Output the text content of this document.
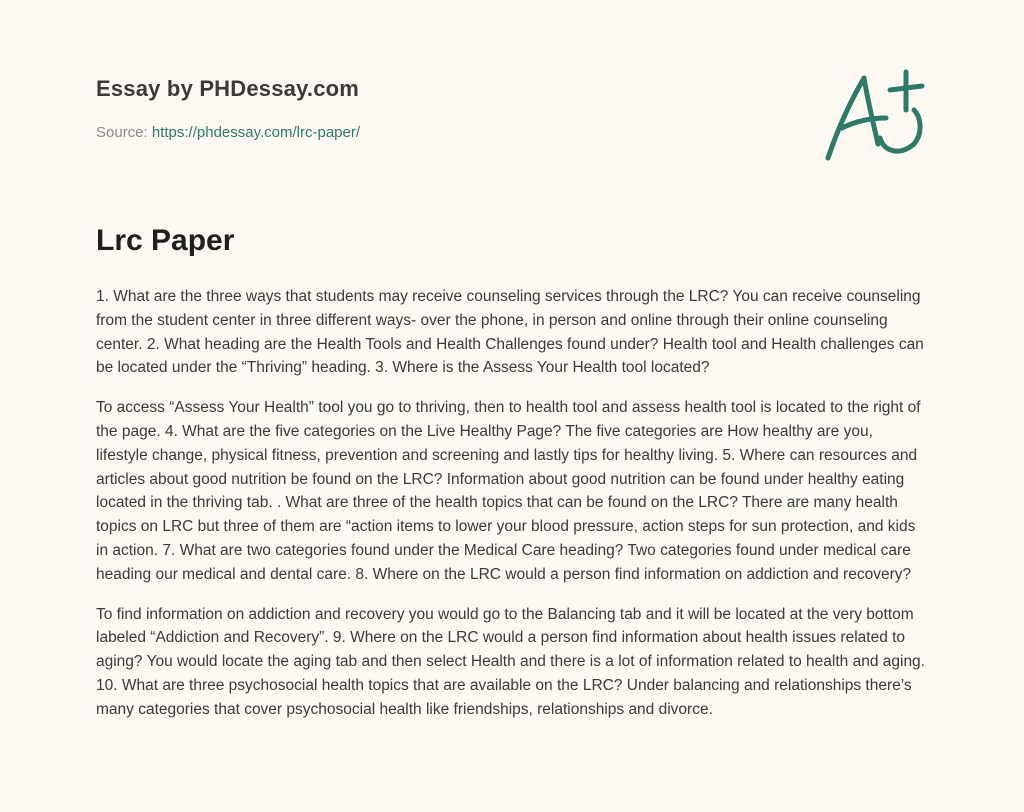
Essay by PHDessay.com
Source: https://phdessay.com/lrc-paper/
Lrc Paper

1. What are the three ways that students may receive counseling services through the LRC? You can receive counseling from the student center in three different ways- over the phone, in person and online through their online counseling center. 2. What heading are the Health Tools and Health Challenges found under? Health tool and Health challenges can be located under the “Thriving” heading. 3. Where is the Assess Your Health tool located?

To access “Assess Your Health” tool you go to thriving, then to health tool and assess health tool is located to the right of the page. 4. What are the five categories on the Live Healthy Page? The five categories are How healthy are you, lifestyle change, physical fitness, prevention and screening and lastly tips for healthy living. 5. Where can resources and articles about good nutrition be found on the LRC? Information about good nutrition can be found under healthy eating located in the thriving tab. . What are three of the health topics that can be found on the LRC? There are many health topics on LRC but three of them are “action items to lower your blood pressure, action steps for sun protection, and kids in action. 7. What are two categories found under the Medical Care heading? Two categories found under medical care heading our medical and dental care. 8. Where on the LRC would a person find information on addiction and recovery?

To find information on addiction and recovery you would go to the Balancing tab and it will be located at the very bottom labeled “Addiction and Recovery”. 9. Where on the LRC would a person find information about health issues related to aging? You would locate the aging tab and then select Health and there is a lot of information related to health and aging. 10. What are three psychosocial health topics that are available on the LRC? Under balancing and relationships there’s many categories that cover psychosocial health like friendships, relationships and divorce.
